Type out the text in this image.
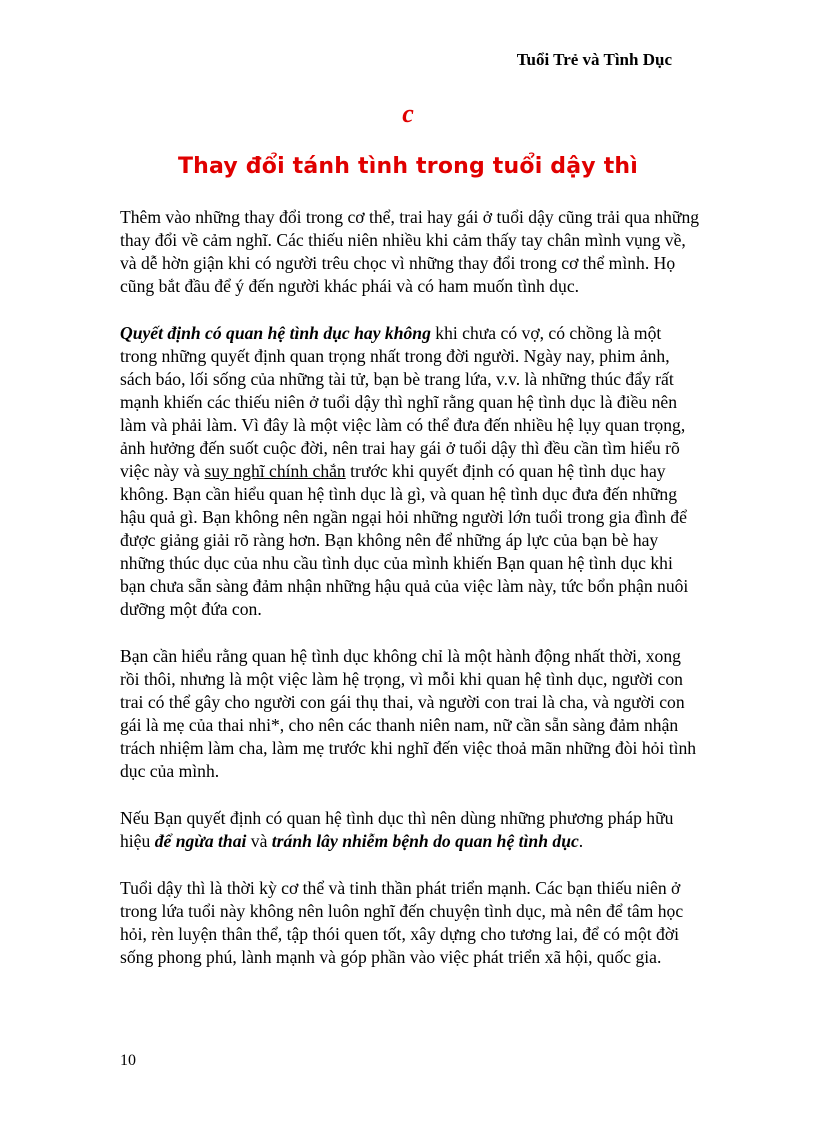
Tuổi Trẻ và Tình Dục
c
Thay đổi tánh tình trong tuổi dậy thì

Thêm vào những thay đổi trong cơ thể, trai hay gái ở tuổi dậy cũng trải qua những thay đổi về cảm nghĩ. Các thiếu niên nhiều khi cảm thấy tay chân mình vụng về, và dễ hờn giận khi có người trêu chọc vì những thay đổi trong cơ thể mình. Họ cũng bắt đầu để ý đến người khác phái và có ham muốn tình dục.

Quyết định có quan hệ tình dục hay không khi chưa có vợ, có chồng là một trong những quyết định quan trọng nhất trong đời người. Ngày nay, phim ảnh, sách báo, lối sống của những tài tử, bạn bè trang lứa, v.v. là những thúc đẩy rất mạnh khiến các thiếu niên ở tuổi dậy thì nghĩ rằng quan hệ tình dục là điều nên làm và phải làm. Vì đây là một việc làm có thể đưa đến nhiều hệ lụy quan trọng, ảnh hưởng đến suốt cuộc đời, nên trai hay gái ở tuổi dậy thì đều cần tìm hiểu rõ việc này và suy nghĩ chính chắn trước khi quyết định có quan hệ tình dục hay không. Bạn cần hiểu quan hệ tình dục là gì, và quan hệ tình dục đưa đến những hậu quả gì. Bạn không nên ngần ngại hỏi những người lớn tuổi trong gia đình để được giảng giải rõ ràng hơn. Bạn không nên để những áp lực của bạn bè hay những thúc dục của nhu cầu tình dục của mình khiến Bạn quan hệ tình dục khi bạn chưa sẵn sàng đảm nhận những hậu quả của việc làm này, tức bổn phận nuôi dưỡng một đứa con.

Bạn cần hiểu rằng quan hệ tình dục không chỉ là một hành động nhất thời, xong rồi thôi, nhưng là một việc làm hệ trọng, vì mỗi khi quan hệ tình dục, người con trai có thể gây cho người con gái thụ thai, và người con trai là cha, và người con gái là mẹ của thai nhi*, cho nên các thanh niên nam, nữ cần sẵn sàng đảm nhận trách nhiệm làm cha, làm mẹ trước khi nghĩ đến việc thoả mãn những đòi hỏi tình dục của mình.

Nếu Bạn quyết định có quan hệ tình dục thì nên dùng những phương pháp hữu hiệu để ngừa thai và tránh lây nhiễm bệnh do quan hệ tình dục.

Tuổi dậy thì là thời kỳ cơ thể và tinh thần phát triển mạnh. Các bạn thiếu niên ở trong lứa tuổi này không nên luôn nghĩ đến chuyện tình dục, mà nên để tâm học hỏi, rèn luyện thân thể, tập thói quen tốt, xây dựng cho tương lai, để có một đời sống phong phú, lành mạnh và góp phần vào việc phát triển xã hội, quốc gia.

10
